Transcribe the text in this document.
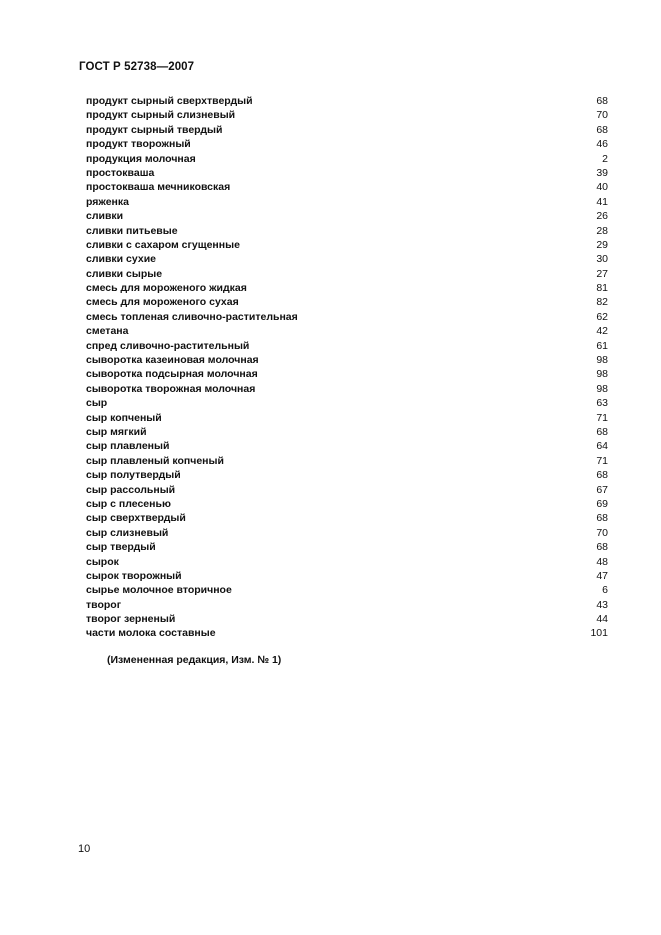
ГОСТ Р 52738—2007
продукт сырный сверхтвердый	68
продукт сырный слизневый	70
продукт сырный твердый	68
продукт творожный	46
продукция молочная	2
простокваша	39
простокваша мечниковская	40
ряженка	41
сливки	26
сливки питьевые	28
сливки с сахаром сгущенные	29
сливки сухие	30
сливки сырые	27
смесь для мороженого жидкая	81
смесь для мороженого сухая	82
смесь топленая сливочно-растительная	62
сметана	42
спред сливочно-растительный	61
сыворотка казеиновая молочная	98
сыворотка подсырная молочная	98
сыворотка творожная молочная	98
сыр	63
сыр копченый	71
сыр мягкий	68
сыр плавленый	64
сыр плавленый копченый	71
сыр полутвердый	68
сыр рассольный	67
сыр с плесенью	69
сыр сверхтвердый	68
сыр слизневый	70
сыр твердый	68
сырок	48
сырок творожный	47
сырье молочное вторичное	6
творог	43
творог зерненый	44
части молока составные	101
(Измененная редакция, Изм. № 1)
10
